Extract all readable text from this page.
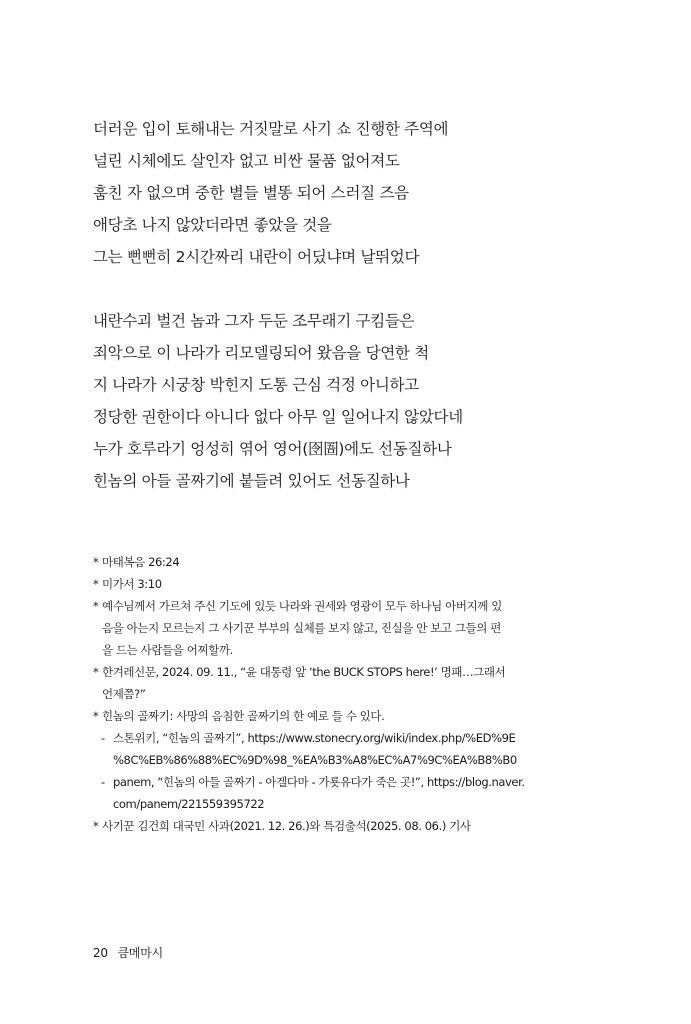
더러운 입이 토해내는 거짓말로 사기 쇼 진행한 주역에
널린 시체에도 살인자 없고 비싼 물품 없어져도
훔친 자 없으며 중한 별들 별똥 되어 스러질 즈음
애당초 나지 않았더라면 좋았을 것을
그는 뻔뻔히 2시간짜리 내란이 어딨냐며 날뛰었다
내란수괴 벌건 놈과 그자 두둔 조무래기 구킴들은
죄악으로 이 나라가 리모델링되어 왔음을 당연한 척
지 나라가 시궁창 박힌지 도통 근심 걱정 아니하고
정당한 권한이다 아니다 없다 아무 일 일어나지 않았다네
누가 호루라기 엉성히 엮어 영어(囹圄)에도 선동질하나
힌놈의 아들 골짜기에 붙들려 있어도 선동질하나
* 마태복음 26:24
* 미가서 3:10
* 예수님께서 가르쳐 주신 기도에 있듯 나라와 권세와 영광이 모두 하나님 아버지께 있
음을 아는지 모르는지 그 사기꾼 부부의 실체를 보지 않고, 진실을 안 보고 그들의 편
을 드는 사람들을 어찌할까.
* 한겨레신문, 2024. 09. 11., “윤 대통령 앞 ‘the BUCK STOPS here!’ 명패…그래서
언제쯤?”
* 힌놈의 골짜기: 사망의 음침한 골짜기의 한 예로 들 수 있다.
- 스톤위키, “힌놈의 골짜기”, https://www.stonecry.org/wiki/index.php/%ED%9E
%8C%EB%86%88%EC%9D%98_%EA%B3%A8%EC%A7%9C%EA%B8%B0
- panem, “힌놈의 아들 골짜기 - 아겔다마 - 가룟유다가 죽은 곳!”, https://blog.naver.
com/panem/221559395722
* 사기꾼 김건희 대국민 사과(2021. 12. 26.)와 특검출석(2025. 08. 06.) 기사
20 큼메마시
